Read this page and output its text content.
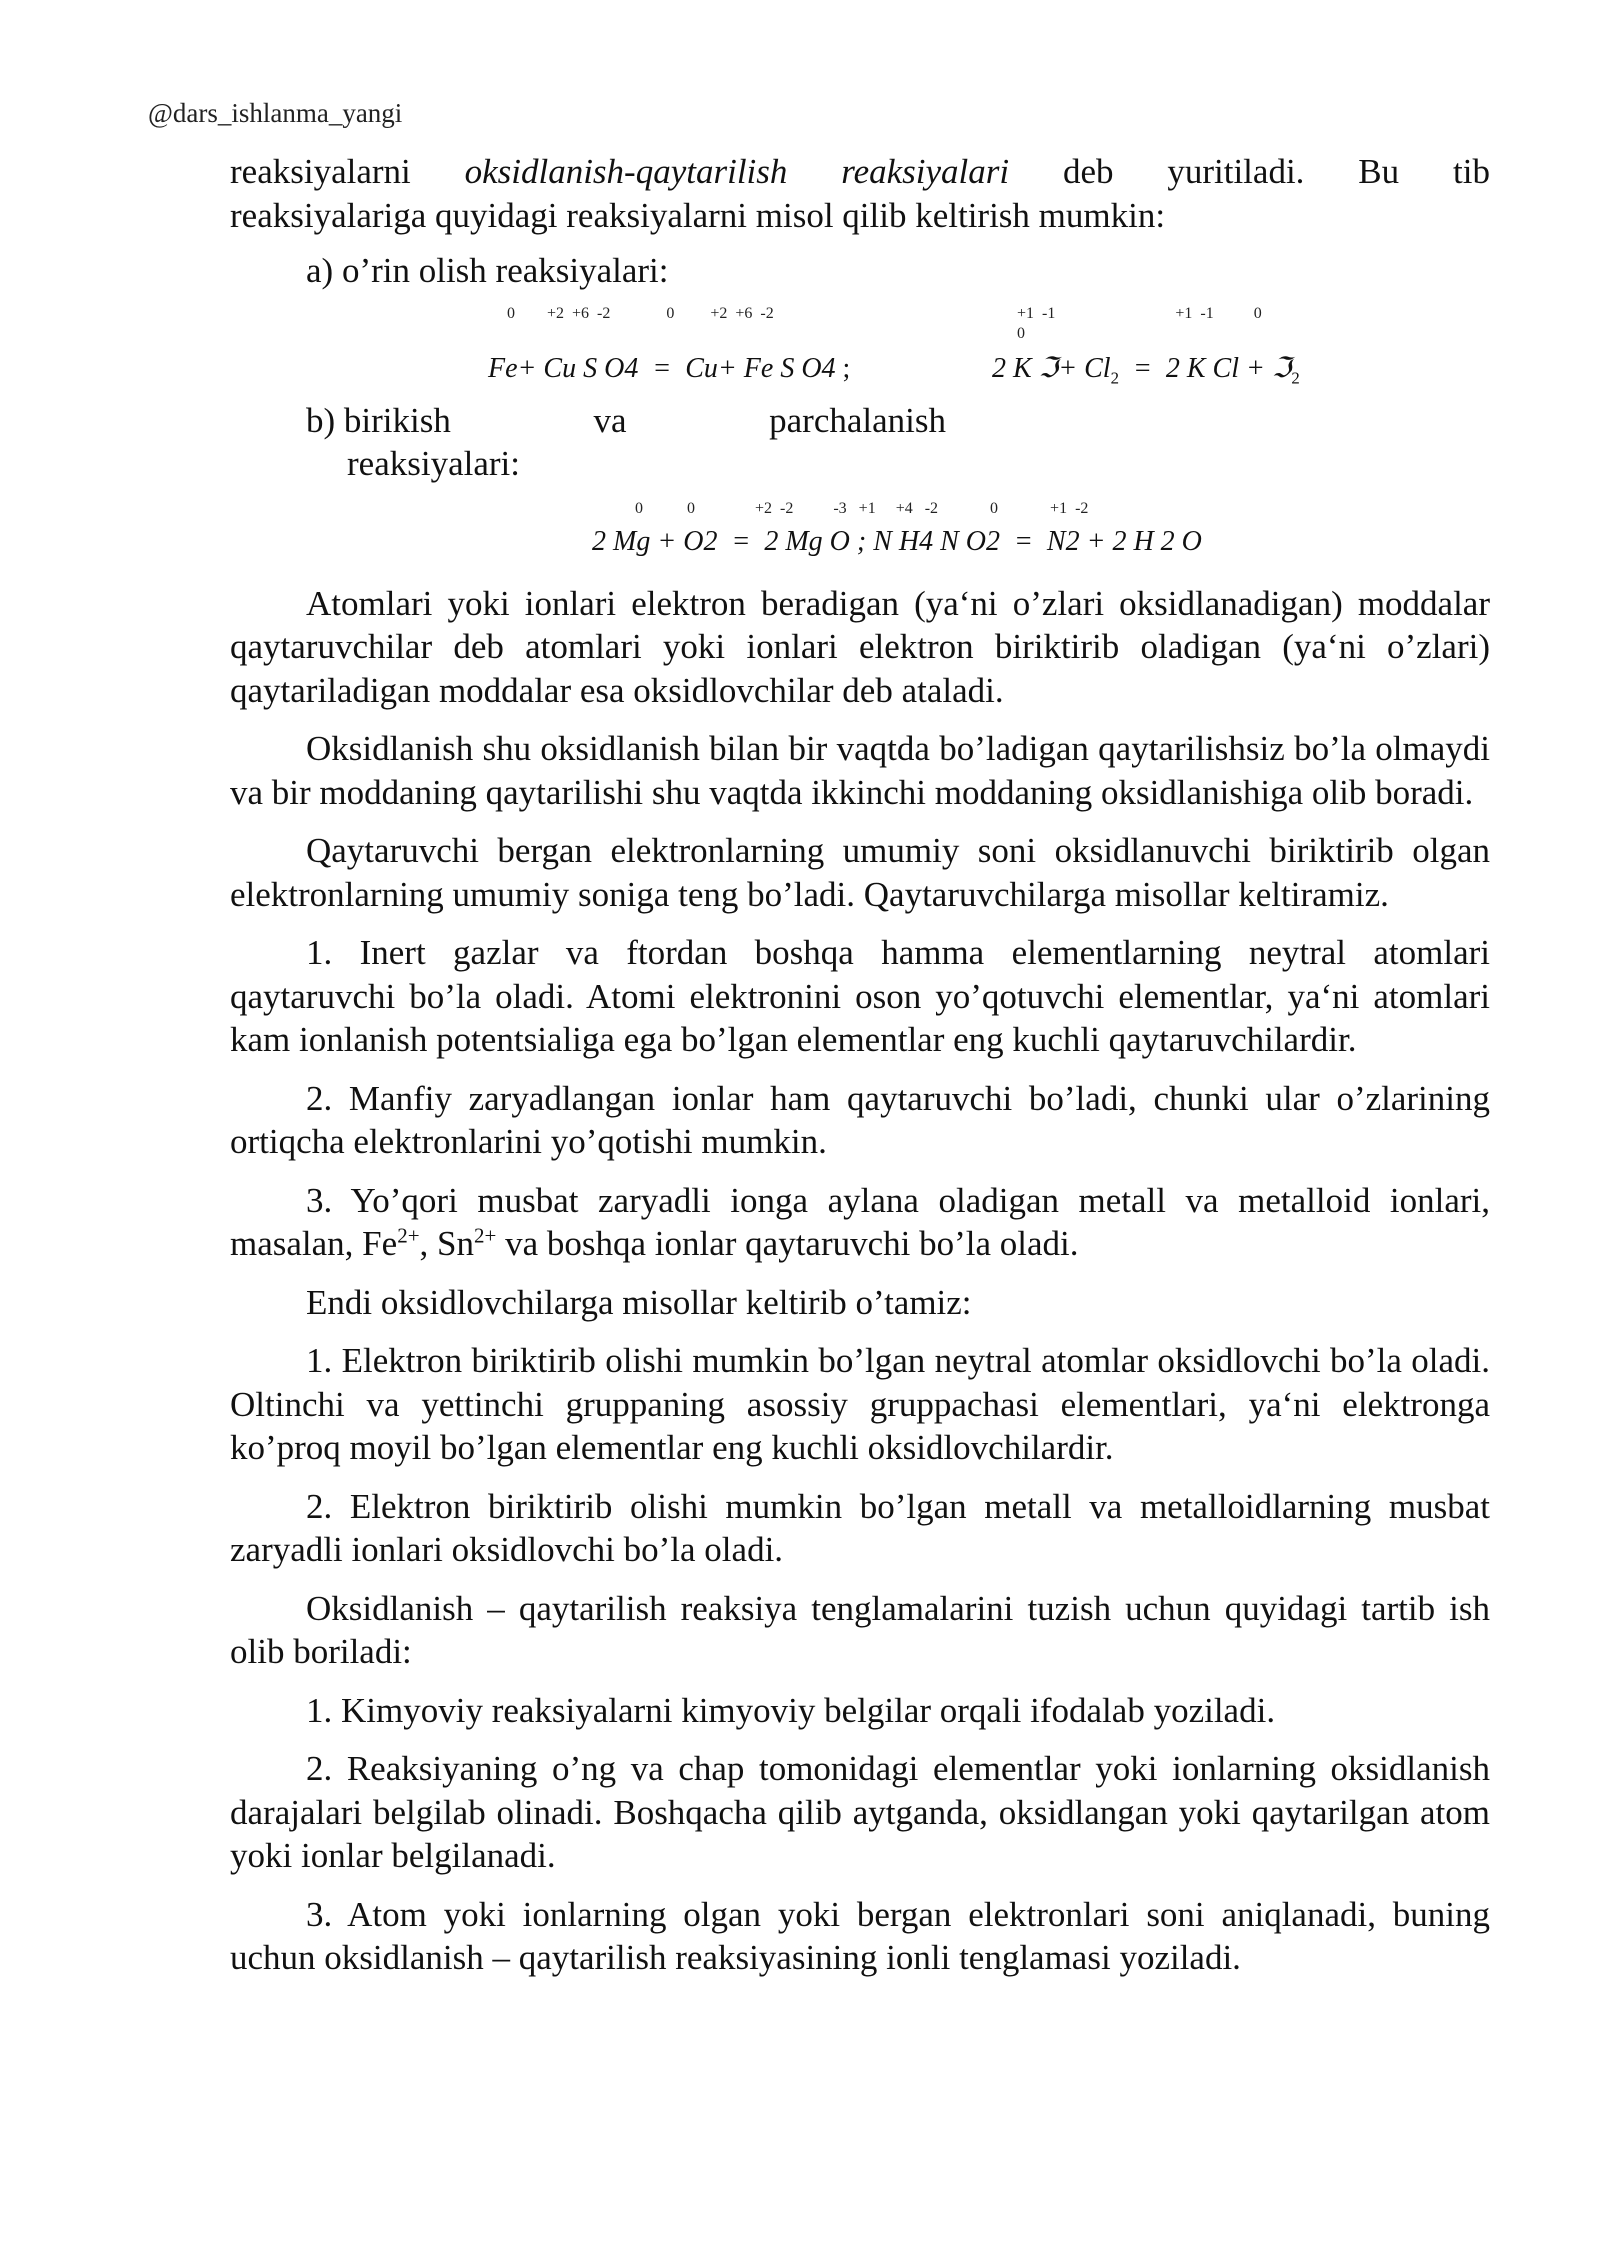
@dars_ishlanma_yangi
reaksiyalarni oksidlanish-qaytarilish reaksiyalari deb yuritiladi. Bu tib

reaksiyalariga quyidagi reaksiyalarni misol qilib keltirish mumkin:

a) o’rin olish reaksiyalari:

0        +2  +6  -2              0         +2  +6  -2	+1  -1                              +1  -1          0
0
Fe+ Cu S O4  =  Cu+ Fe S O4 ;	2 K ℑ+ $Cl_2 = 2$ K Cl + ℑ$_2$
b) birikish	va	parchalanish
reaksiyalari:
0           0               +2  -2          -3   +1     +4   -2             0             +1  -2
2 Mg + O2  =  2 Mg O ; N H4 N O2  =  N2 + 2 H 2 O

Atomlari yoki ionlari elektron beradigan (ya‘ni o’zlari oksidlanadigan) moddalar qaytaruvchilar deb atomlari yoki ionlari elektron biriktirib oladigan (ya‘ni o’zlari) qaytariladigan moddalar esa oksidlovchilar deb ataladi.

Oksidlanish shu oksidlanish bilan bir vaqtda bo’ladigan qaytarilishsiz bo’la olmaydi va bir moddaning qaytarilishi shu vaqtda ikkinchi moddaning oksidlanishiga olib boradi.

Qaytaruvchi bergan elektronlarning umumiy soni oksidlanuvchi biriktirib olgan elektronlarning umumiy soniga teng bo’ladi. Qaytaruvchilarga misollar keltiramiz.

1. Inert gazlar va ftordan boshqa hamma elementlarning neytral atomlari qaytaruvchi bo’la oladi. Atomi elektronini oson yo’qotuvchi elementlar, ya‘ni atomlari kam ionlanish potentsialiga ega bo’lgan elementlar eng kuchli qaytaruvchilardir.

2. Manfiy zaryadlangan ionlar ham qaytaruvchi bo’ladi, chunki ular o’zlarining ortiqcha elektronlarini yo’qotishi mumkin.

3. Yo’qori musbat zaryadli ionga aylana oladigan metall va metalloid ionlari, masalan, $Fe^{2+}$, $Sn^{2+}$ va boshqa ionlar qaytaruvchi bo’la oladi.

Endi oksidlovchilarga misollar keltirib o’tamiz:

1. Elektron biriktirib olishi mumkin bo’lgan neytral atomlar oksidlovchi bo’la oladi. Oltinchi va yettinchi gruppaning asossiy gruppachasi elementlari, ya‘ni elektronga ko’proq moyil bo’lgan elementlar eng kuchli oksidlovchilardir.

2. Elektron biriktirib olishi mumkin bo’lgan metall va metalloidlarning musbat zaryadli ionlari oksidlovchi bo’la oladi.

Oksidlanish – qaytarilish reaksiya tenglamalarini tuzish uchun quyidagi tartib ish olib boriladi:

1. Kimyoviy reaksiyalarni kimyoviy belgilar orqali ifodalab yoziladi.

2. Reaksiyaning o’ng va chap tomonidagi elementlar yoki ionlarning oksidlanish darajalari belgilab olinadi. Boshqacha qilib aytganda, oksidlangan yoki qaytarilgan atom yoki ionlar belgilanadi.

3. Atom yoki ionlarning olgan yoki bergan elektronlari soni aniqlanadi, buning uchun oksidlanish – qaytarilish reaksiyasining ionli tenglamasi yoziladi.
